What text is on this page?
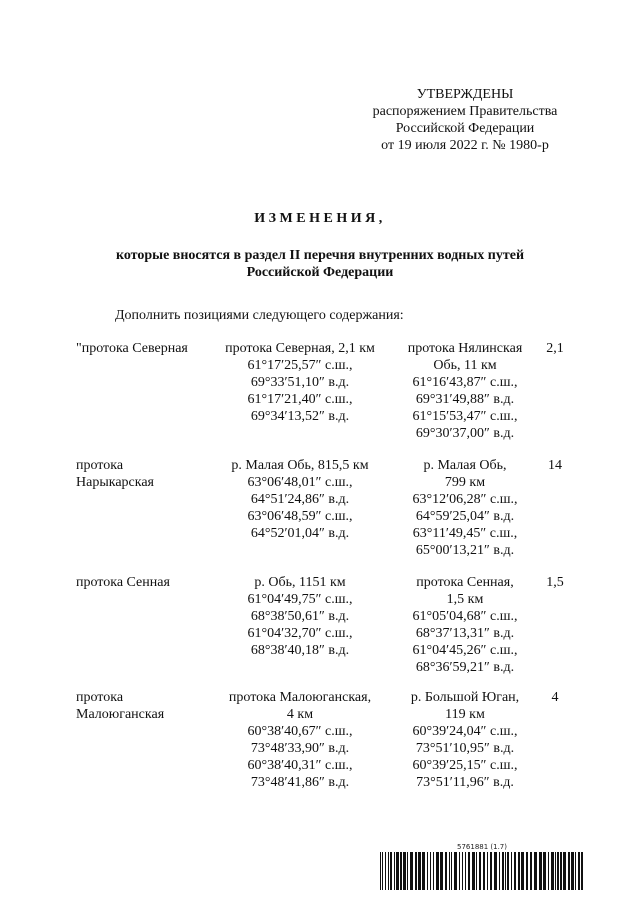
УТВЕРЖДЕНЫ
распоряжением Правительства
Российской Федерации
от 19 июля 2022 г. № 1980-р
ИЗМЕНЕНИЯ,
которые вносятся в раздел II перечня внутренних водных путей
Российской Федерации
Дополнить позициями следующего содержания:
"протока Северная	протока Северная, 2,1 км
61°17′25,57″ с.ш.,
69°33′51,10″ в.д.
61°17′21,40″ с.ш.,
69°34′13,52″ в.д.
протока Нялинская
Обь, 11 км
61°16′43,87″ с.ш.,
69°31′49,88″ в.д.
61°15′53,47″ с.ш.,
69°30′37,00″ в.д.
2,1
протока
Нарыкарская
р. Малая Обь, 815,5 км
63°06′48,01″ с.ш.,
64°51′24,86″ в.д.
63°06′48,59″ с.ш.,
64°52′01,04″ в.д.
р. Малая Обь,
799 км
63°12′06,28″ с.ш.,
64°59′25,04″ в.д.
63°11′49,45″ с.ш.,
65°00′13,21″ в.д.
14
протока Сенная	р. Обь, 1151 км
61°04′49,75″ с.ш.,
68°38′50,61″ в.д.
61°04′32,70″ с.ш.,
68°38′40,18″ в.д.
протока Сенная,
1,5 км
61°05′04,68″ с.ш.,
68°37′13,31″ в.д.
61°04′45,26″ с.ш.,
68°36′59,21″ в.д.
1,5
протока
Малоюганская
протока Малоюганская,
4 км
60°38′40,67″ с.ш.,
73°48′33,90″ в.д.
60°38′40,31″ с.ш.,
73°48′41,86″ в.д.
р. Большой Юган,
119 км
60°39′24,04″ с.ш.,
73°51′10,95″ в.д.
60°39′25,15″ с.ш.,
73°51′11,96″ в.д.
4
5761881 (1.7)
